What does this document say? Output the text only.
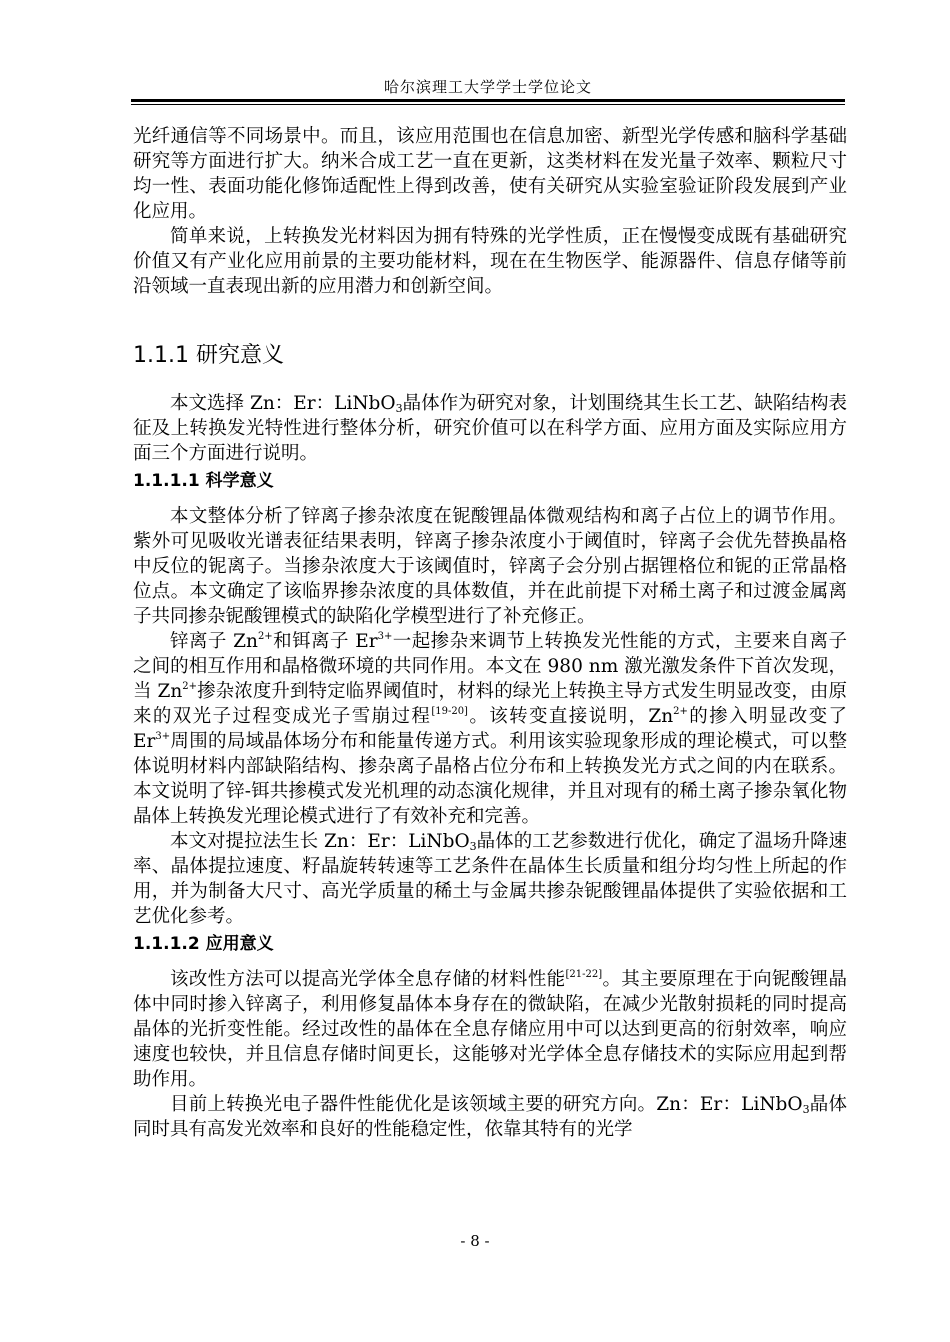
哈尔滨理工大学学士学位论文

光纤通信等不同场景中。而且，该应用范围也在信息加密、新型光学传感和脑科学基础研究等方面进行扩大。纳米合成工艺一直在更新，这类材料在发光量子效率、颗粒尺寸均一性、表面功能化修饰适配性上得到改善，使有关研究从实验室验证阶段发展到产业化应用。

简单来说，上转换发光材料因为拥有特殊的光学性质，正在慢慢变成既有基础研究价值又有产业化应用前景的主要功能材料，现在在生物医学、能源器件、信息存储等前沿领域一直表现出新的应用潜力和创新空间。

1.1.1 研究意义

本文选择 Zn：Er：LiNbO$_3$晶体作为研究对象，计划围绕其生长工艺、缺陷结构表征及上转换发光特性进行整体分析，研究价值可以在科学方面、应用方面及实际应用方面三个方面进行说明。

1.1.1.1 科学意义

本文整体分析了锌离子掺杂浓度在铌酸锂晶体微观结构和离子占位上的调节作用。紫外可见吸收光谱表征结果表明，锌离子掺杂浓度小于阈值时，锌离子会优先替换晶格中反位的铌离子。当掺杂浓度大于该阈值时，锌离子会分别占据锂格位和铌的正常晶格位点。本文确定了该临界掺杂浓度的具体数值，并在此前提下对稀土离子和过渡金属离子共同掺杂铌酸锂模式的缺陷化学模型进行了补充修正。

锌离子 $Zn^{2+}$和铒离子 $Er^{3+}$一起掺杂来调节上转换发光性能的方式，主要来自离子之间的相互作用和晶格微环境的共同作用。本文在 980 nm 激光激发条件下首次发现，当 $Zn^{2+}$掺杂浓度升到特定临界阈值时，材料的绿光上转换主导方式发生明显改变，由原来的双光子过程变成光子雪崩过程[19-20]。该转变直接说明，$Zn^{2+}$的掺入明显改变了 $Er^{3+}$周围的局域晶体场分布和能量传递方式。利用该实验现象形成的理论模式，可以整体说明材料内部缺陷结构、掺杂离子晶格占位分布和上转换发光方式之间的内在联系。本文说明了锌-铒共掺模式发光机理的动态演化规律，并且对现有的稀土离子掺杂氧化物晶体上转换发光理论模式进行了有效补充和完善。

本文对提拉法生长 Zn：Er：LiNbO$_3$晶体的工艺参数进行优化，确定了温场升降速率、晶体提拉速度、籽晶旋转转速等工艺条件在晶体生长质量和组分均匀性上所起的作用，并为制备大尺寸、高光学质量的稀土与金属共掺杂铌酸锂晶体提供了实验依据和工艺优化参考。

1.1.1.2 应用意义

该改性方法可以提高光学体全息存储的材料性能[21-22]。其主要原理在于向铌酸锂晶体中同时掺入锌离子，利用修复晶体本身存在的微缺陷，在减少光散射损耗的同时提高晶体的光折变性能。经过改性的晶体在全息存储应用中可以达到更高的衍射效率，响应速度也较快，并且信息存储时间更长，这能够对光学体全息存储技术的实际应用起到帮助作用。

目前上转换光电子器件性能优化是该领域主要的研究方向。Zn：Er：LiNbO$_3$晶体同时具有高发光效率和良好的性能稳定性，依靠其特有的光学

- 8 -
